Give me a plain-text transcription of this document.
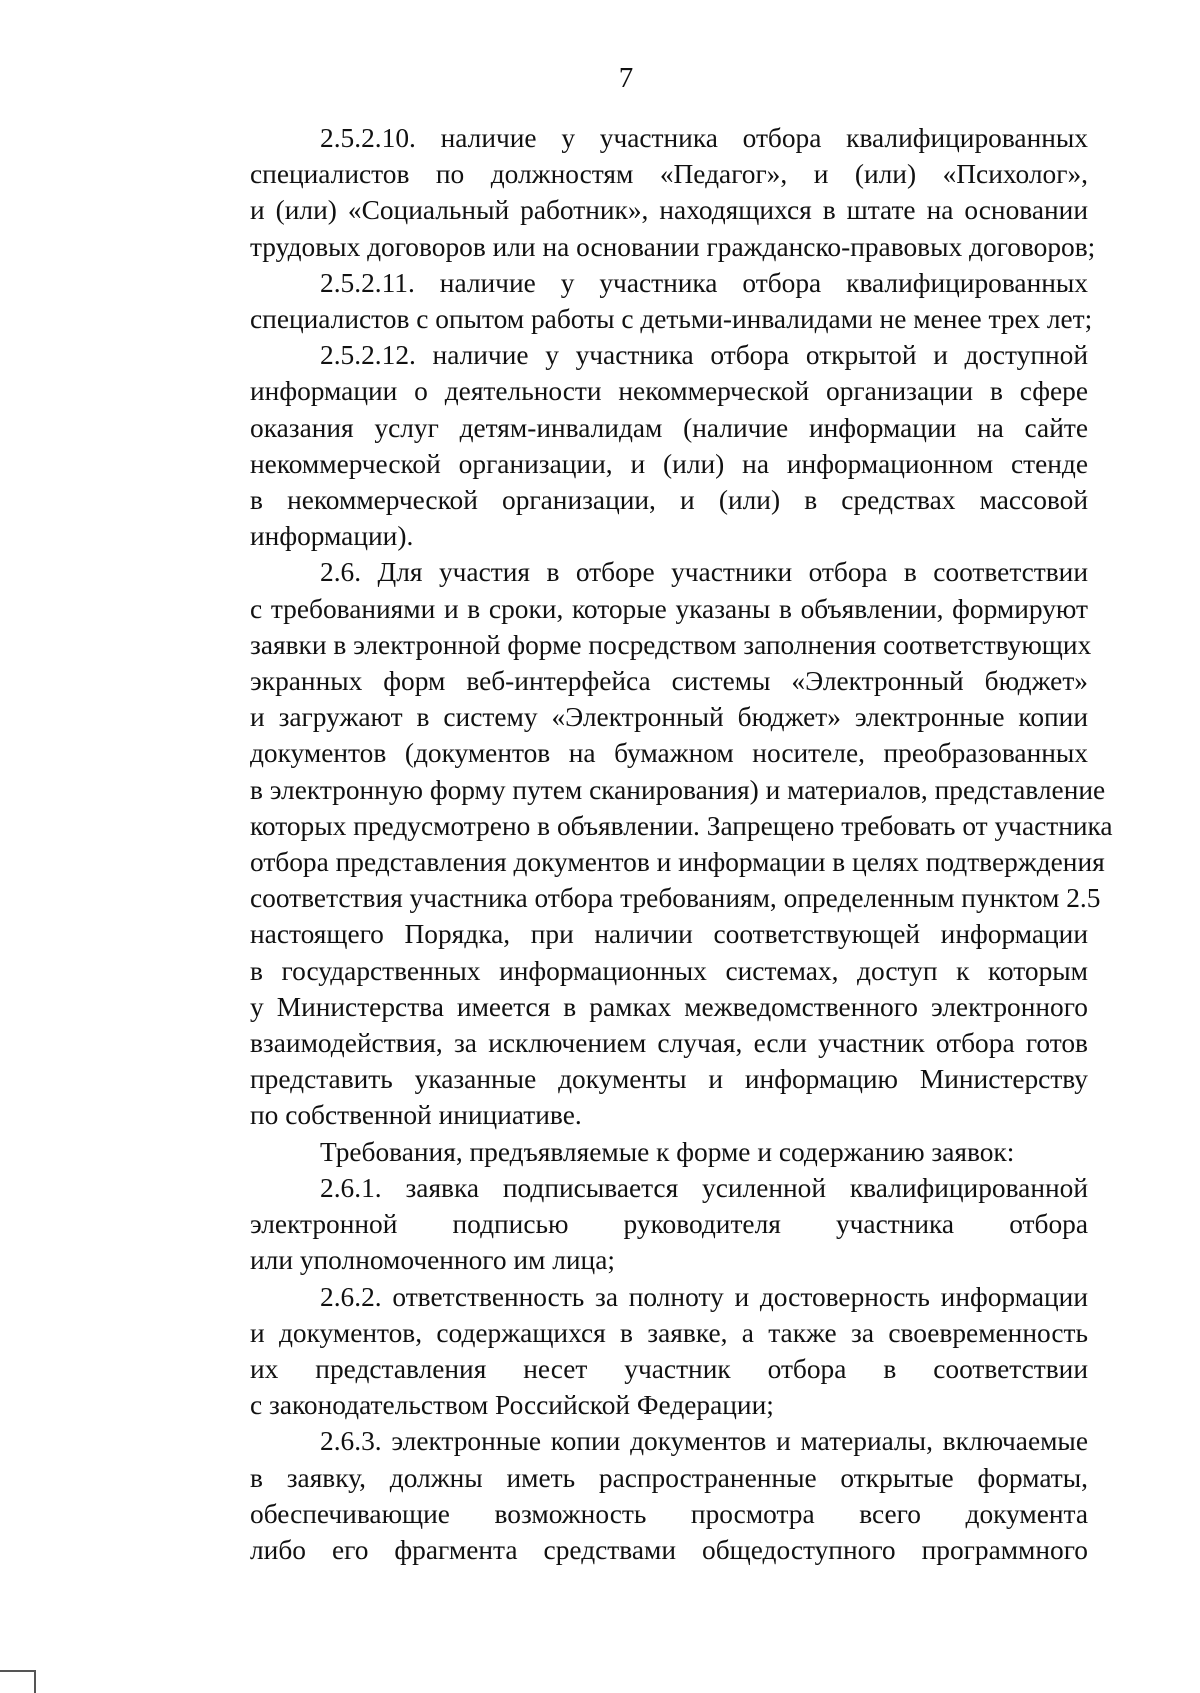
7
2.5.2.10. наличие у участника отбора квалифицированных
специалистов по должностям «Педагог», и (или) «Психолог»,
и (или) «Социальный работник», находящихся в штате на основании
трудовых договоров или на основании гражданско-правовых договоров;
2.5.2.11. наличие у участника отбора квалифицированных
специалистов с опытом работы с детьми-инвалидами не менее трех лет;
2.5.2.12. наличие у участника отбора открытой и доступной
информации о деятельности некоммерческой организации в сфере
оказания услуг детям-инвалидам (наличие информации на сайте
некоммерческой организации, и (или) на информационном стенде
в некоммерческой организации, и (или) в средствах массовой
информации).
2.6. Для участия в отборе участники отбора в соответствии
с требованиями и в сроки, которые указаны в объявлении, формируют
заявки в электронной форме посредством заполнения соответствующих
экранных форм веб-интерфейса системы «Электронный бюджет»
и загружают в систему «Электронный бюджет» электронные копии
документов (документов на бумажном носителе, преобразованных
в электронную форму путем сканирования) и материалов, представление
которых предусмотрено в объявлении. Запрещено требовать от участника
отбора представления документов и информации в целях подтверждения
соответствия участника отбора требованиям, определенным пунктом 2.5
настоящего Порядка, при наличии соответствующей информации
в государственных информационных системах, доступ к которым
у Министерства имеется в рамках межведомственного электронного
взаимодействия, за исключением случая, если участник отбора готов
представить указанные документы и информацию Министерству
по собственной инициативе.
Требования, предъявляемые к форме и содержанию заявок:
2.6.1. заявка подписывается усиленной квалифицированной
электронной подписью руководителя участника отбора
или уполномоченного им лица;
2.6.2. ответственность за полноту и достоверность информации
и документов, содержащихся в заявке, а также за своевременность
их представления несет участник отбора в соответствии
с законодательством Российской Федерации;
2.6.3. электронные копии документов и материалы, включаемые
в заявку, должны иметь распространенные открытые форматы,
обеспечивающие возможность просмотра всего документа
либо его фрагмента средствами общедоступного программного
